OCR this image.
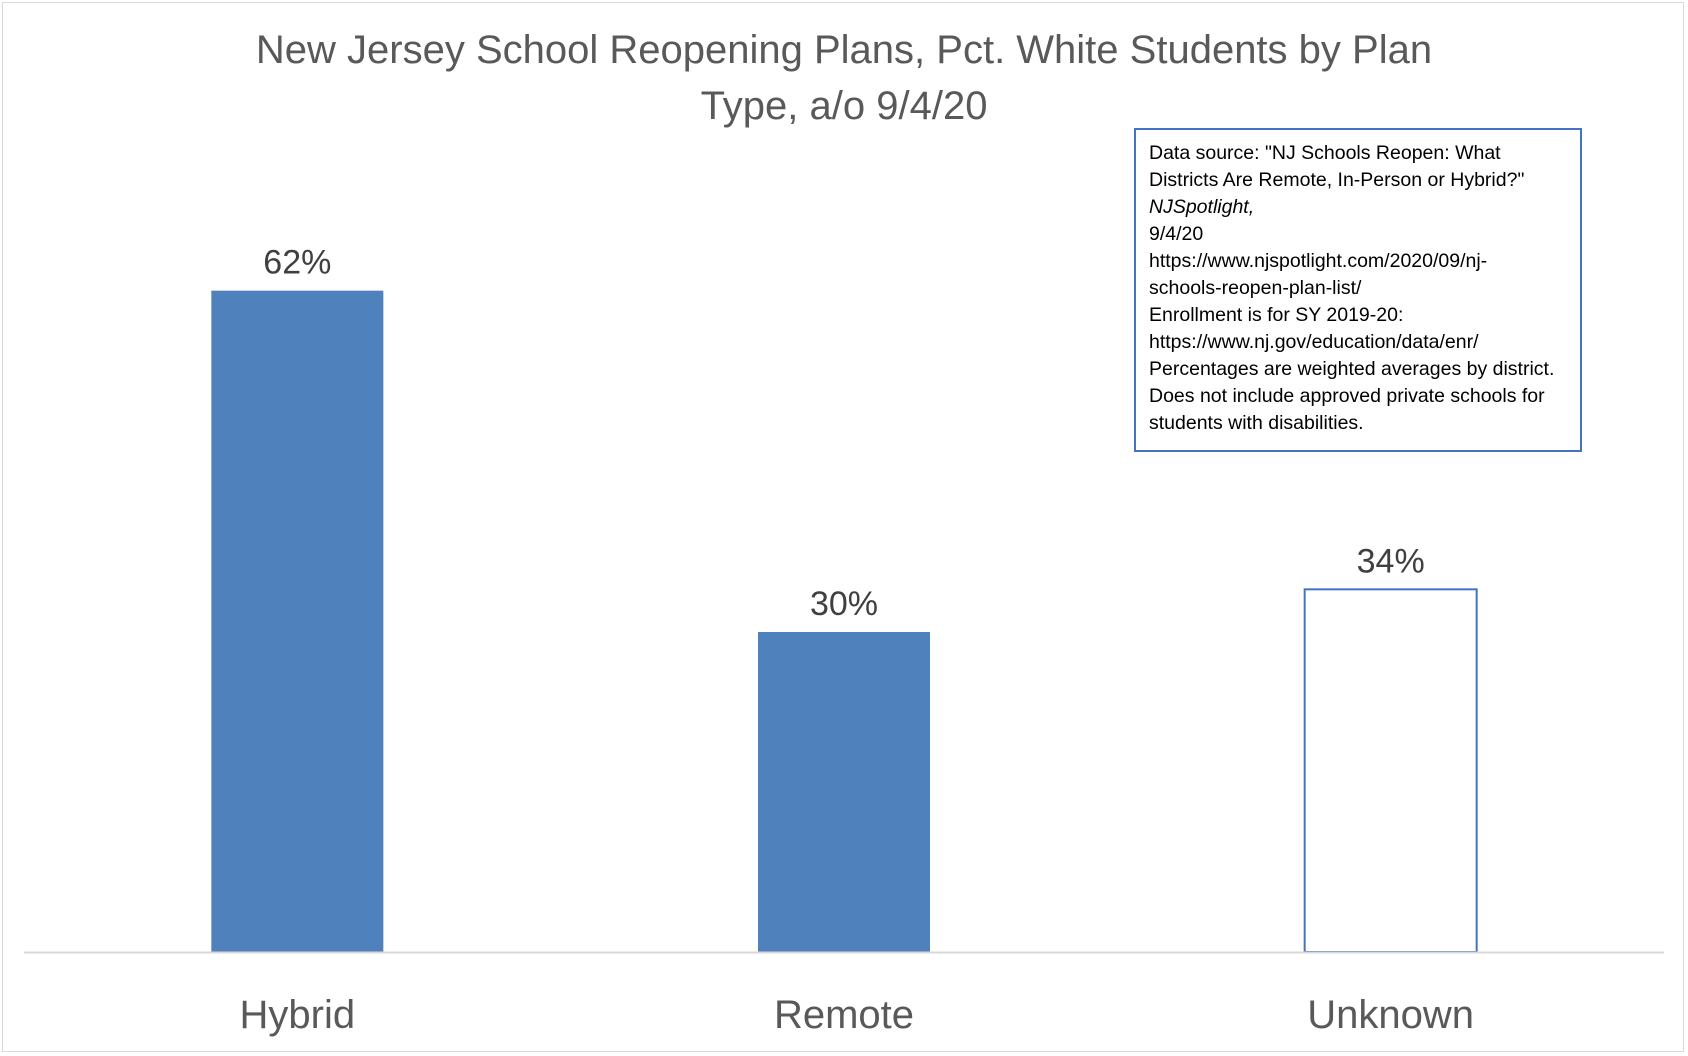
New Jersey School Reopening Plans, Pct. White Students by Plan
Type, a/o 9/4/20
62%
Hybrid
30%
Remote
34%
Unknown
Data source: "NJ Schools Reopen: What
Districts Are Remote, In-Person or Hybrid?"
NJSpotlight,
9/4/20
https://www.njspotlight.com/2020/09/nj-
schools-reopen-plan-list/
Enrollment is for SY 2019-20:
https://www.nj.gov/education/data/enr/
Percentages are weighted averages by district.
Does not include approved private schools for
students with disabilities.
